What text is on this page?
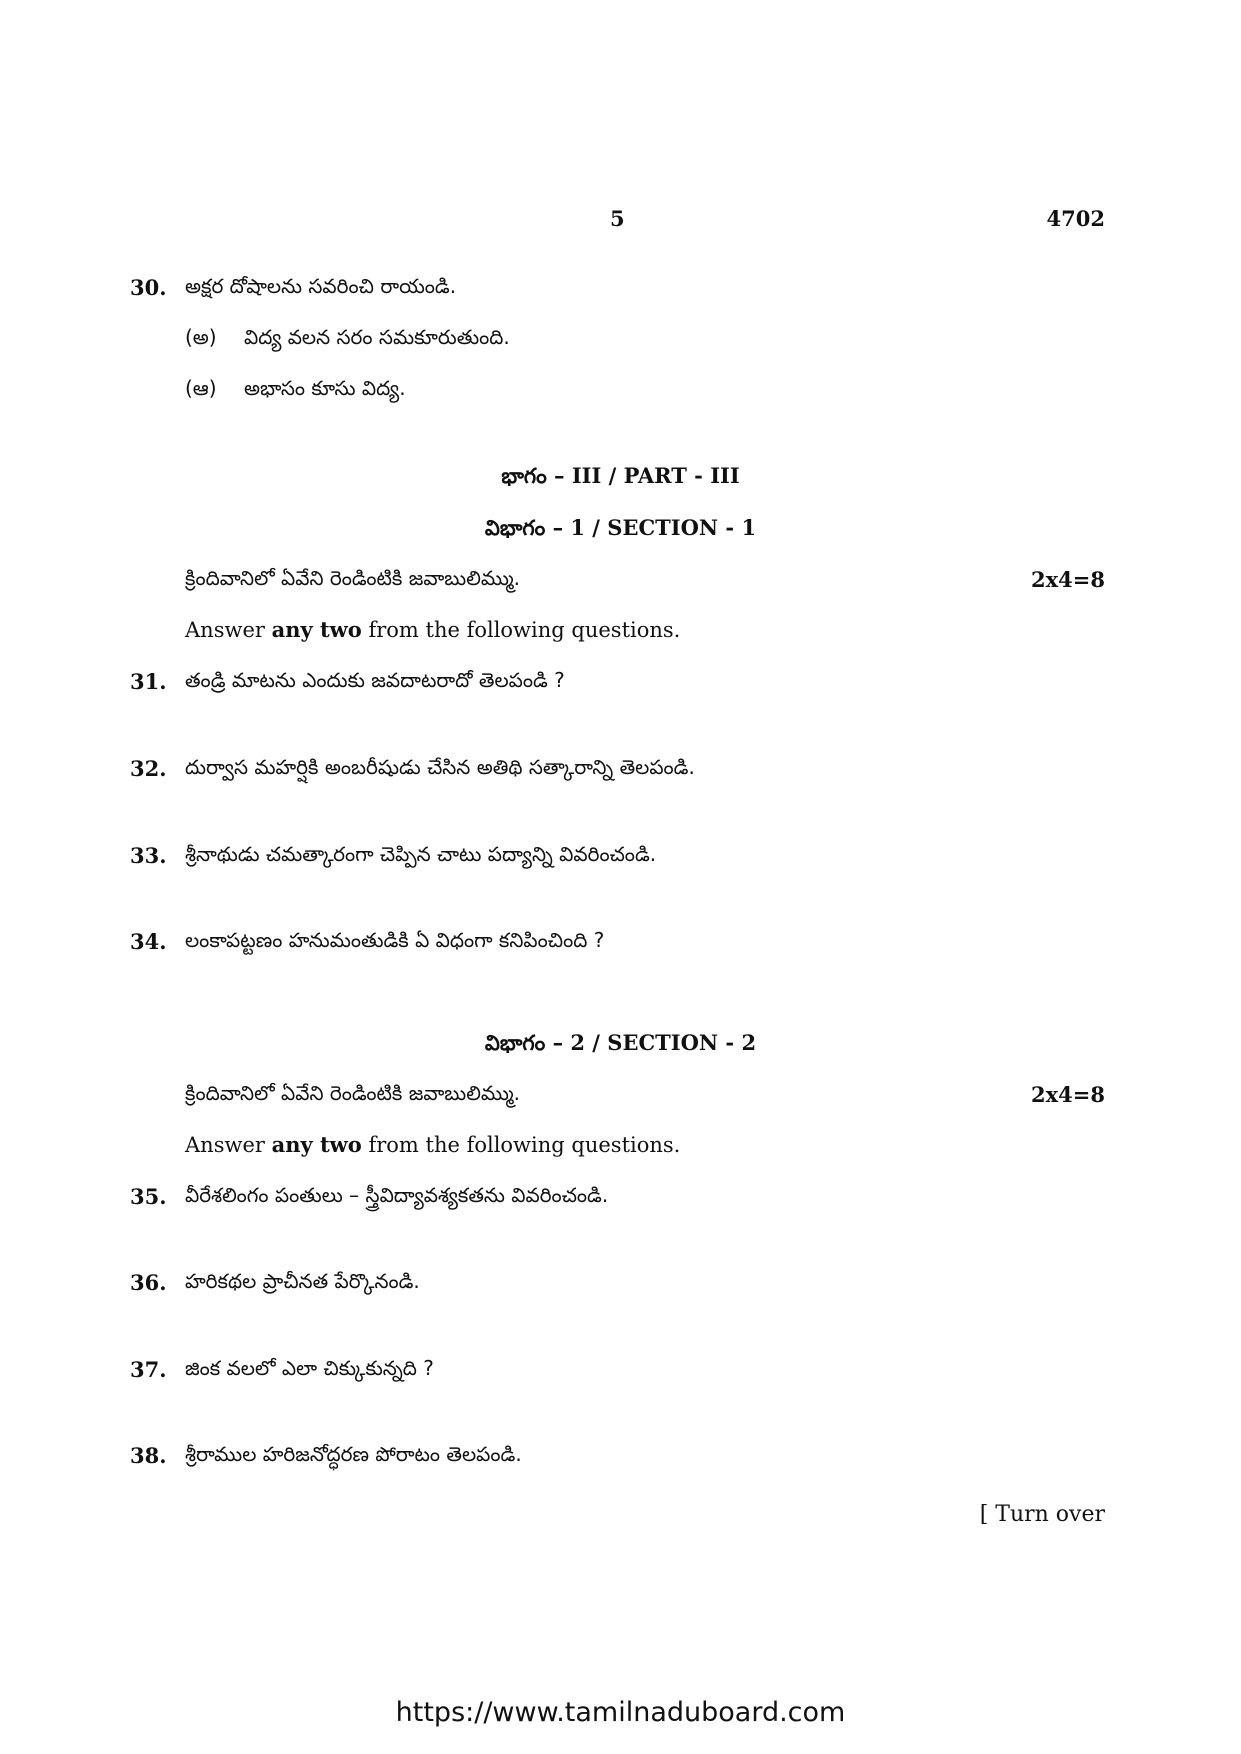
5	4702
30. అక్షర దోషాలను సవరించి రాయండి.
(అ) విద్య వలన సరం సమకూరుతుంది.
(ఆ) అభాసం కూసు విద్య.
భాగం – III / PART - III
విభాగం – 1 / SECTION - 1
క్రిందివానిలో ఏవేని రెండింటికి జవాబులిమ్ము.	2x4=8
Answer any two from the following questions.
31. తండ్రి మాటను ఎందుకు జవదాటరాదో తెలపండి ?
32. దుర్వాస మహర్షికి అంబరీషుడు చేసిన అతిథి సత్కారాన్ని తెలపండి.
33. శ్రీనాథుడు చమత్కారంగా చెప్పిన చాటు పద్యాన్ని వివరించండి.
34. లంకాపట్టణం హనుమంతుడికి ఏ విధంగా కనిపించింది ?
విభాగం – 2 / SECTION - 2
క్రిందివానిలో ఏవేని రెండింటికి జవాబులిమ్ము.	2x4=8
Answer any two from the following questions.
35. వీరేశలింగం పంతులు – స్త్రీవిద్యావశ్యకతను వివరించండి.
36. హరికథల ప్రాచీనత పేర్కొనండి.
37. జింక వలలో ఎలా చిక్కుకున్నది ?
38. శ్రీరాముల హరిజనోద్ధరణ పోరాటం తెలపండి.
[ Turn over
https://www.tamilnaduboard.com
